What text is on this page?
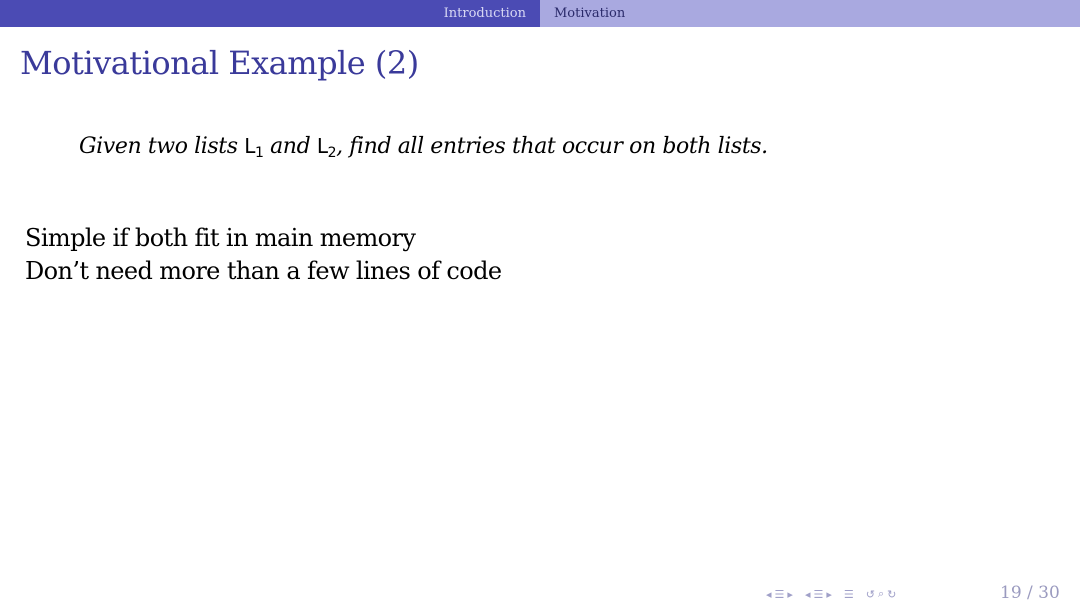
Introduction Motivation
Motivational Example (2)
Given two lists $L_1$ and $L_2$, find all entries that occur on both lists.
Simple if both fit in main memory
Don’t need more than a few lines of code
◂ ☰ ▸ ◂ ☰ ▸ ☰ ↺ ⌕ ↻	19 / 30
